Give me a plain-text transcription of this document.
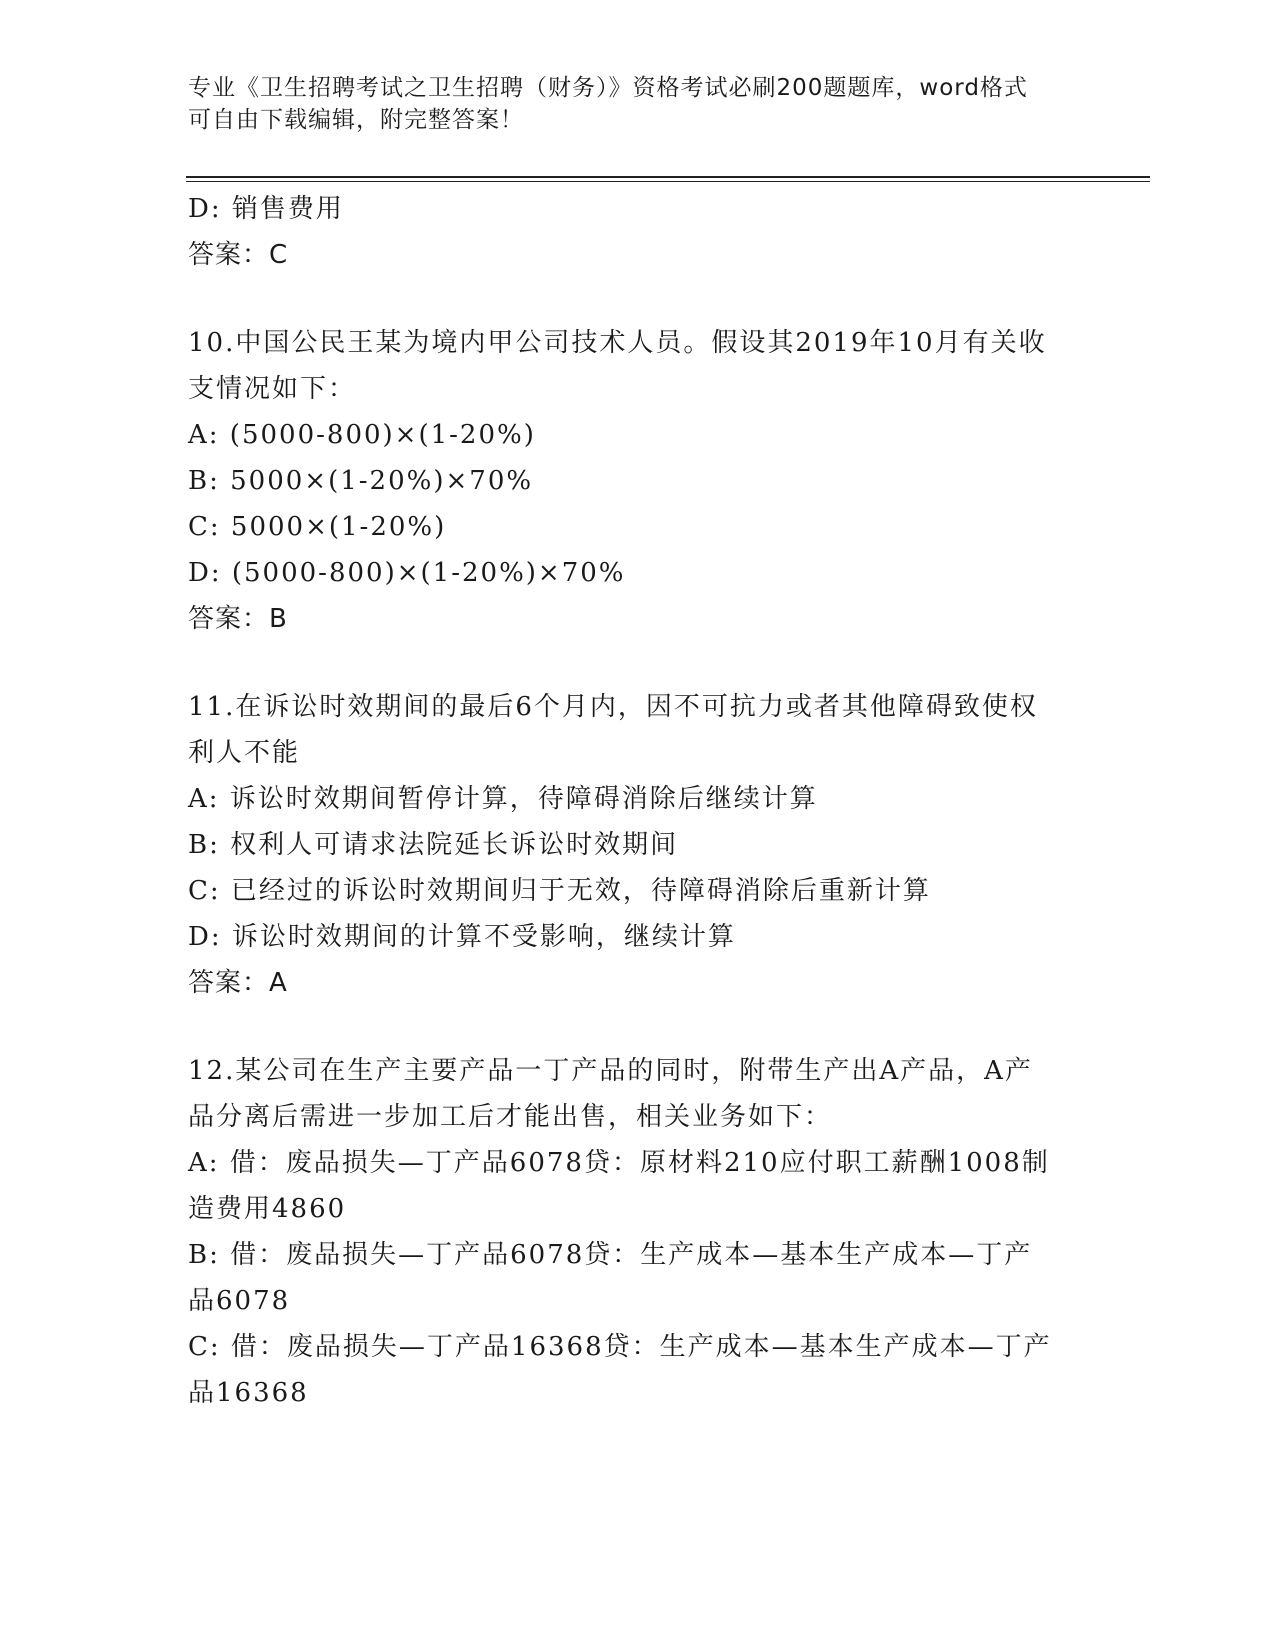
专业《卫生招聘考试之卫生招聘（财务）》资格考试必刷200题题库，word格式
可自由下载编辑，附完整答案！
D: 销售费用
答案：C
10.中国公民王某为境内甲公司技术人员。假设其2019年10月有关收
支情况如下：
A: (5000-800)×(1-20%)
B: 5000×(1-20%)×70%
C: 5000×(1-20%)
D: (5000-800)×(1-20%)×70%
答案：B
11.在诉讼时效期间的最后6个月内，因不可抗力或者其他障碍致使权
利人不能
A: 诉讼时效期间暂停计算，待障碍消除后继续计算
B: 权利人可请求法院延长诉讼时效期间
C: 已经过的诉讼时效期间归于无效，待障碍消除后重新计算
D: 诉讼时效期间的计算不受影响，继续计算
答案：A
12.某公司在生产主要产品一丁产品的同时，附带生产出A产品，A产
品分离后需进一步加工后才能出售，相关业务如下：
A: 借：废品损失—丁产品6078贷：原材料210应付职工薪酬1008制
造费用4860
B: 借：废品损失—丁产品6078贷：生产成本—基本生产成本—丁产
品6078
C: 借：废品损失—丁产品16368贷：生产成本—基本生产成本—丁产
品16368
